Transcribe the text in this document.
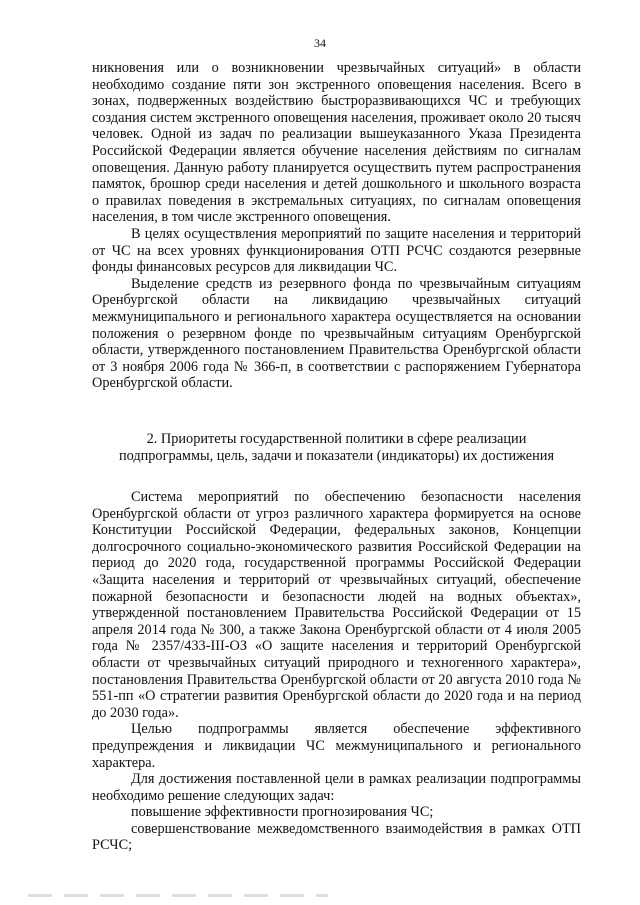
34

никновения или о возникновении чрезвычайных ситуаций» в области необходимо создание пяти зон экстренного оповещения населения. Всего в зонах, подверженных воздействию быстроразвивающихся ЧС и требующих создания систем экстренного оповещения населения, проживает около 20 тысяч человек. Одной из задач по реализации вышеуказанного Указа Президента Российской Федерации является обучение населения действиям по сигналам оповещения. Данную работу планируется осуществить путем распространения памяток, брошюр среди населения и детей дошкольного и школьного возраста о правилах поведения в экстремальных ситуациях, по сигналам оповещения населения, в том числе экстренного оповещения.

В целях осуществления мероприятий по защите населения и территорий от ЧС на всех уровнях функционирования ОТП РСЧС создаются резервные фонды финансовых ресурсов для ликвидации ЧС.

Выделение средств из резервного фонда по чрезвычайным ситуациям Оренбургской области на ликвидацию чрезвычайных ситуаций межмуниципального и регионального характера осуществляется на основании положения о резервном фонде по чрезвычайным ситуациям Оренбургской области, утвержденного постановлением Правительства Оренбургской области от 3 ноября 2006 года № 366-п, в соответствии с распоряжением Губернатора Оренбургской области.

2. Приоритеты государственной политики в сфере реализации

подпрограммы, цель, задачи и показатели (индикаторы) их достижения

Система мероприятий по обеспечению безопасности населения Оренбургской области от угроз различного характера формируется на основе Конституции Российской Федерации, федеральных законов, Концепции долгосрочного социально-экономического развития Российской Федерации на период до 2020 года, государственной программы Российской Федерации «Защита населения и территорий от чрезвычайных ситуаций, обеспечение пожарной безопасности и безопасности людей на водных объектах», утвержденной постановлением Правительства Российской Федерации от 15 апреля 2014 года № 300, а также Закона Оренбургской области от 4 июля 2005 года № 2357/433-III-ОЗ «О защите населения и территорий Оренбургской области от чрезвычайных ситуаций природного и техногенного характера», постановления Правительства Оренбургской области от 20 августа 2010 года № 551-пп «О стратегии развития Оренбургской области до 2020 года и на период до 2030 года».

Целью подпрограммы является обеспечение эффективного предупреждения и ликвидации ЧС межмуниципального и регионального характера.

Для достижения поставленной цели в рамках реализации подпрограммы необходимо решение следующих задач:

повышение эффективности прогнозирования ЧС;

совершенствование межведомственного взаимодействия в рамках ОТП РСЧС;
